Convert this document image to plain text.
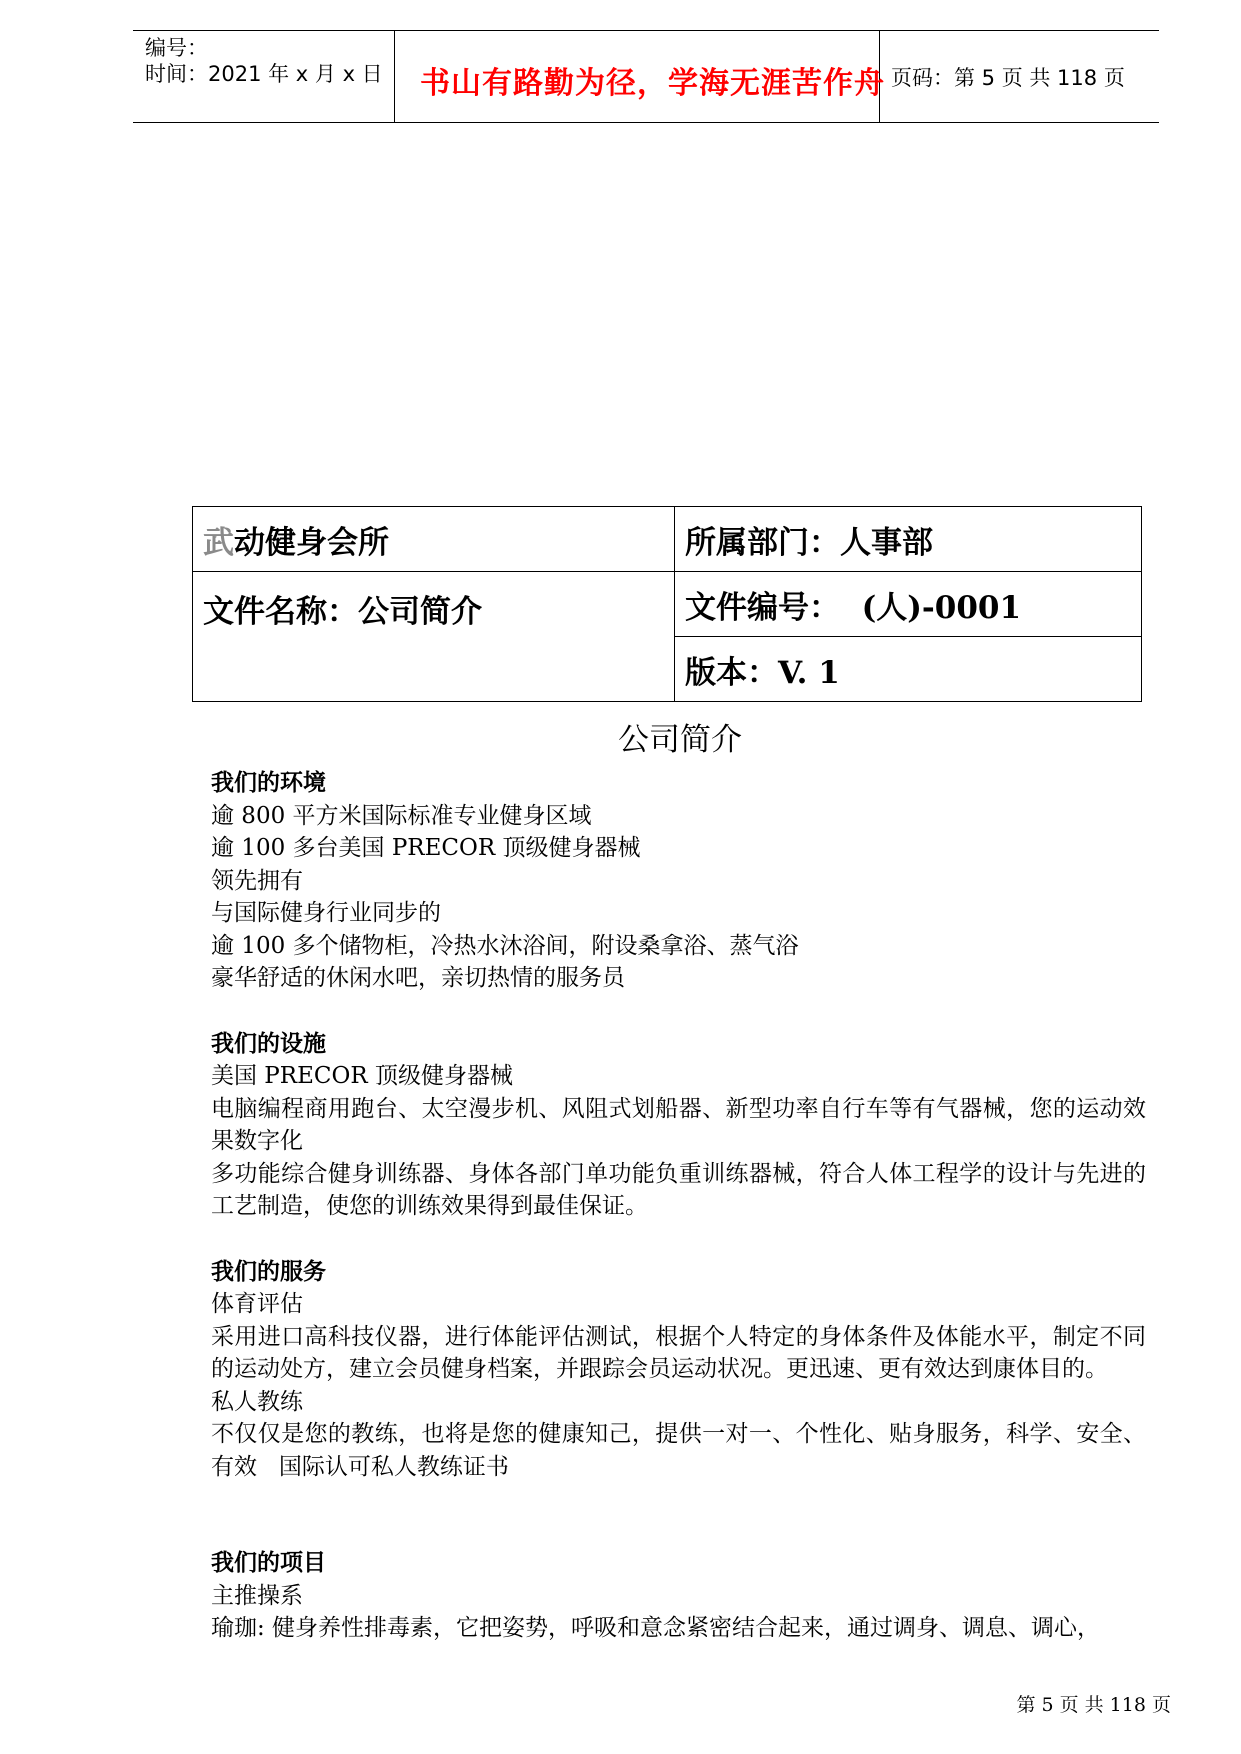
编号：
时间：2021 年 x 月 x 日 书山有路勤为径，学海无涯苦作舟 页码：第 5 页 共 118 页
武动健身会所	所属部门：人事部
文件名称：公司简介	文件编号：  (人)-0001
	版本：V. 1
公司简介

我们的环境

逾 800 平方米国际标准专业健身区域

逾 100 多台美国 PRECOR 顶级健身器械

领先拥有

与国际健身行业同步的

逾 100 多个储物柜，冷热水沐浴间，附设桑拿浴、蒸气浴

豪华舒适的休闲水吧，亲切热情的服务员

我们的设施

美国 PRECOR 顶级健身器械

电脑编程商用跑台、太空漫步机、风阻式划船器、新型功率自行车等有气器械，您的运动效果数字化

多功能综合健身训练器、身体各部门单功能负重训练器械，符合人体工程学的设计与先进的工艺制造，使您的训练效果得到最佳保证。

我们的服务

体育评估

采用进口高科技仪器，进行体能评估测试，根据个人特定的身体条件及体能水平，制定不同的运动处方，建立会员健身档案，并跟踪会员运动状况。更迅速、更有效达到康体目的。

私人教练

不仅仅是您的教练，也将是您的健康知己，提供一对一、个性化、贴身服务，科学、安全、有效   国际认可私人教练证书

我们的项目

主推操系

瑜珈: 健身养性排毒素，它把姿势，呼吸和意念紧密结合起来，通过调身、调息、调心，

第 5 页 共 118 页
